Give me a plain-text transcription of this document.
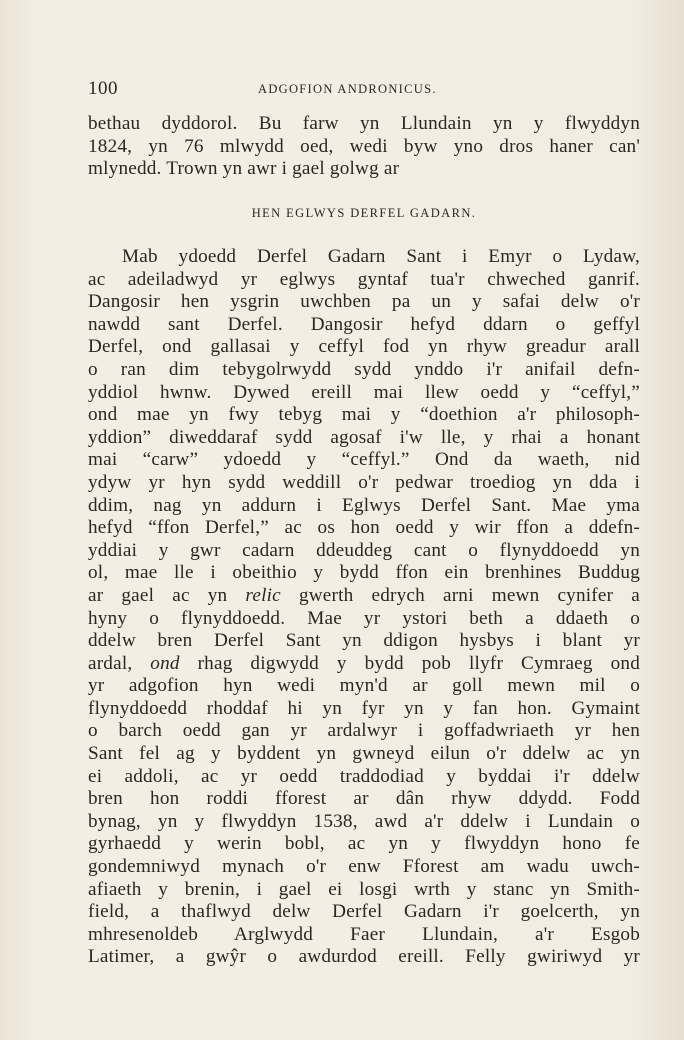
100	ADGOFION ANDRONICUS.
bethau dyddorol. Bu farw yn Llundain yn y flwyddyn
1824, yn 76 mlwydd oed, wedi byw yno dros haner can'
mlynedd. Trown yn awr i gael golwg ar
HEN EGLWYS DERFEL GADARN.
Mab ydoedd Derfel Gadarn Sant i Emyr o Lydaw,
ac adeiladwyd yr eglwys gyntaf tua'r chweched ganrif.
Dangosir hen ysgrin uwchben pa un y safai delw o'r
nawdd sant Derfel. Dangosir hefyd ddarn o geffyl
Derfel, ond gallasai y ceffyl fod yn rhyw greadur arall
o ran dim tebygolrwydd sydd ynddo i'r anifail defn-
yddiol hwnw. Dywed ereill mai llew oedd y “ceffyl,”
ond mae yn fwy tebyg mai y “doethion a'r philosoph-
yddion” diweddaraf sydd agosaf i'w lle, y rhai a honant
mai “carw” ydoedd y “ceffyl.” Ond da waeth, nid
ydyw yr hyn sydd weddill o'r pedwar troediog yn dda i
ddim, nag yn addurn i Eglwys Derfel Sant. Mae yma
hefyd “ffon Derfel,” ac os hon oedd y wir ffon a ddefn-
yddiai y gwr cadarn ddeuddeg cant o flynyddoedd yn
ol, mae lle i obeithio y bydd ffon ein brenhines Buddug
ar gael ac yn relic gwerth edrych arni mewn cynifer a
hyny o flynyddoedd. Mae yr ystori beth a ddaeth o
ddelw bren Derfel Sant yn ddigon hysbys i blant yr
ardal, ond rhag digwydd y bydd pob llyfr Cymraeg ond
yr adgofion hyn wedi myn'd ar goll mewn mil o
flynyddoedd rhoddaf hi yn fyr yn y fan hon. Gymaint
o barch oedd gan yr ardalwyr i goffadwriaeth yr hen
Sant fel ag y byddent yn gwneyd eilun o'r ddelw ac yn
ei addoli, ac yr oedd traddodiad y byddai i'r ddelw
bren hon roddi fforest ar dân rhyw ddydd. Fodd
bynag, yn y flwyddyn 1538, awd a'r ddelw i Lundain o
gyrhaedd y werin bobl, ac yn y flwyddyn hono fe
gondemniwyd mynach o'r enw Fforest am wadu uwch-
afiaeth y brenin, i gael ei losgi wrth y stanc yn Smith-
field, a thaflwyd delw Derfel Gadarn i'r goelcerth, yn
mhresenoldeb Arglwydd Faer Llundain, a'r Esgob
Latimer, a gwŷr o awdurdod ereill. Felly gwiriwyd yr
